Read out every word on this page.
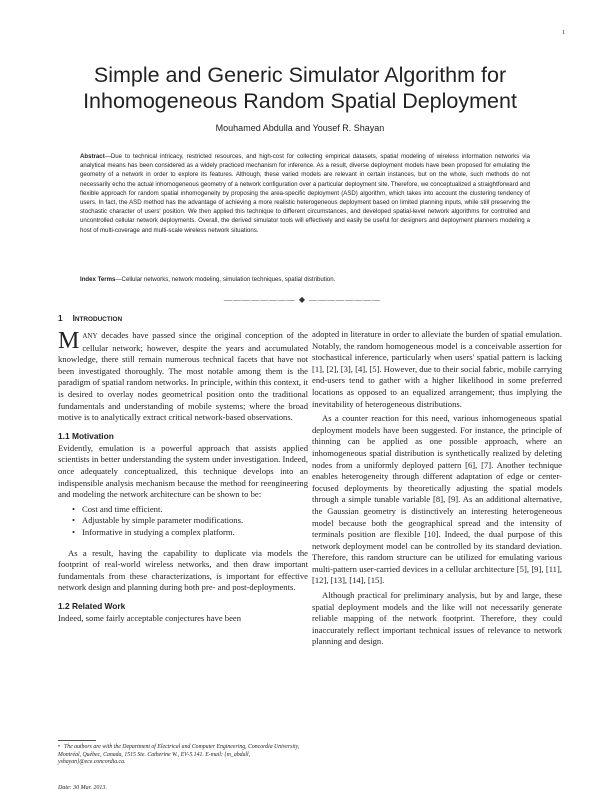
1
Simple and Generic Simulator Algorithm for
Inhomogeneous Random Spatial Deployment
Mouhamed Abdulla and Yousef R. Shayan
Abstract—Due to technical intricacy, restricted resources, and high-cost for collecting empirical datasets, spatial modeling of wireless information networks via analytical means has been considered as a widely practiced mechanism for inference. As a result, diverse deployment models have been proposed for emulating the geometry of a network in order to explore its features. Although, these varied models are relevant in certain instances, but on the whole, such methods do not necessarily echo the actual inhomogeneous geometry of a network configuration over a particular deployment site. Therefore, we conceptualized a straightforward and flexible approach for random spatial inhomogeneity by proposing the area-specific deployment (ASD) algorithm, which takes into account the clustering tendency of users. In fact, the ASD method has the advantage of achieving a more realistic heterogeneous deployment based on limited planning inputs, while still preserving the stochastic character of users' position. We then applied this technique to different circumstances, and developed spatial-level network algorithms for controlled and uncontrolled cellular network deployments. Overall, the derived simulator tools will effectively and easily be useful for designers and deployment planners modeling a host of multi-coverage and multi-scale wireless network situations.
Index Terms—Cellular networks, network modeling, simulation techniques, spatial distribution.
———————— ◆ ————————
1 INTRODUCTION

MANY decades have passed since the original conception of the cellular network; however, despite the years and accumulated knowledge, there still remain numerous technical facets that have not been investigated thoroughly. The most notable among them is the paradigm of spatial random networks. In principle, within this context, it is desired to overlay nodes geometrical position onto the traditional fundamentals and understanding of mobile systems; where the broad motive is to analytically extract critical network-based observations.

1.1 Motivation

Evidently, emulation is a powerful approach that assists applied scientists in better understanding the system under investigation. Indeed, once adequately conceptualized, this technique develops into an indispensible analysis mechanism because the method for reengineering and modeling the network architecture can be shown to be:

• Cost and time efficient.
• Adjustable by simple parameter modifications.
• Informative in studying a complex platform.

As a result, having the capability to duplicate via models the footprint of real-world wireless networks, and then draw important fundamentals from these characterizations, is important for effective network design and planning during both pre- and post-deployments.

1.2 Related Work

Indeed, some fairly acceptable conjectures have been

adopted in literature in order to alleviate the burden of spatial emulation. Notably, the random homogeneous model is a conceivable assertion for stochastical inference, particularly when users' spatial pattern is lacking [1], [2], [3], [4], [5]. However, due to their social fabric, mobile carrying end-users tend to gather with a higher likelihood in some preferred locations as opposed to an equalized arrangement; thus implying the inevitability of heterogeneous distributions.

As a counter reaction for this need, various inhomogeneous spatial deployment models have been suggested. For instance, the principle of thinning can be applied as one possible approach, where an inhomogeneous spatial distribution is synthetically realized by deleting nodes from a uniformly deployed pattern [6], [7]. Another technique enables heterogeneity through different adaptation of edge or center-focused deployments by theoretically adjusting the spatial models through a simple tunable variable [8], [9]. As an additional alternative, the Gaussian geometry is distinctively an interesting heterogeneous model because both the geographical spread and the intensity of terminals position are flexible [10]. Indeed, the dual purpose of this network deployment model can be controlled by its standard deviation. Therefore, this random structure can be utilized for emulating various multi-pattern user-carried devices in a cellular architecture [5], [9], [11], [12], [13], [14], [15].

Although practical for preliminary analysis, but by and large, these spatial deployment models and the like will not necessarily generate reliable mapping of the network footprint. Therefore, they could inaccurately reflect important technical issues of relevance to network planning and design.

• The authors are with the Department of Electrical and Computer Engineering, Concordia University, Montréal, Québec, Canada, 1515 Ste. Catherine W., EV-5.141. E-mail: {m_abdull, yshayan}@ece.concordia.ca.
Date: 30 Mar. 2013.
